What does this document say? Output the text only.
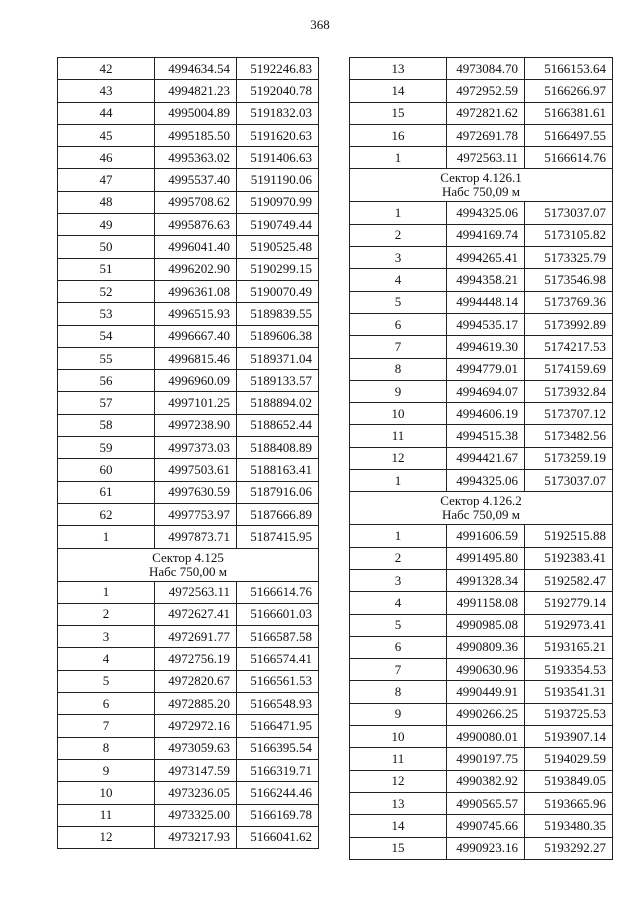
368
42	4994634.54	5192246.83
43	4994821.23	5192040.78
44	4995004.89	5191832.03
45	4995185.50	5191620.63
46	4995363.02	5191406.63
47	4995537.40	5191190.06
48	4995708.62	5190970.99
49	4995876.63	5190749.44
50	4996041.40	5190525.48
51	4996202.90	5190299.15
52	4996361.08	5190070.49
53	4996515.93	5189839.55
54	4996667.40	5189606.38
55	4996815.46	5189371.04
56	4996960.09	5189133.57
57	4997101.25	5188894.02
58	4997238.90	5188652.44
59	4997373.03	5188408.89
60	4997503.61	5188163.41
61	4997630.59	5187916.06
62	4997753.97	5187666.89
1	4997873.71	5187415.95

Сектор 4.125
Набс 750,00 м		

1	4972563.11	5166614.76
2	4972627.41	5166601.03
3	4972691.77	5166587.58
4	4972756.19	5166574.41
5	4972820.67	5166561.53
6	4972885.20	5166548.93
7	4972972.16	5166471.95
8	4973059.63	5166395.54
9	4973147.59	5166319.71
10	4973236.05	5166244.46
11	4973325.00	5166169.78
12	4973217.93	5166041.62
13	4973084.70	5166153.64
14	4972952.59	5166266.97
15	4972821.62	5166381.61
16	4972691.78	5166497.55
1	4972563.11	5166614.76

Сектор 4.126.1
Набс 750,09 м		

1	4994325.06	5173037.07
2	4994169.74	5173105.82
3	4994265.41	5173325.79
4	4994358.21	5173546.98
5	4994448.14	5173769.36
6	4994535.17	5173992.89
7	4994619.30	5174217.53
8	4994779.01	5174159.69
9	4994694.07	5173932.84
10	4994606.19	5173707.12
11	4994515.38	5173482.56
12	4994421.67	5173259.19
1	4994325.06	5173037.07

Сектор 4.126.2
Набс 750,09 м		

1	4991606.59	5192515.88
2	4991495.80	5192383.41
3	4991328.34	5192582.47
4	4991158.08	5192779.14
5	4990985.08	5192973.41
6	4990809.36	5193165.21
7	4990630.96	5193354.53
8	4990449.91	5193541.31
9	4990266.25	5193725.53
10	4990080.01	5193907.14
11	4990197.75	5194029.59
12	4990382.92	5193849.05
13	4990565.57	5193665.96
14	4990745.66	5193480.35
15	4990923.16	5193292.27
